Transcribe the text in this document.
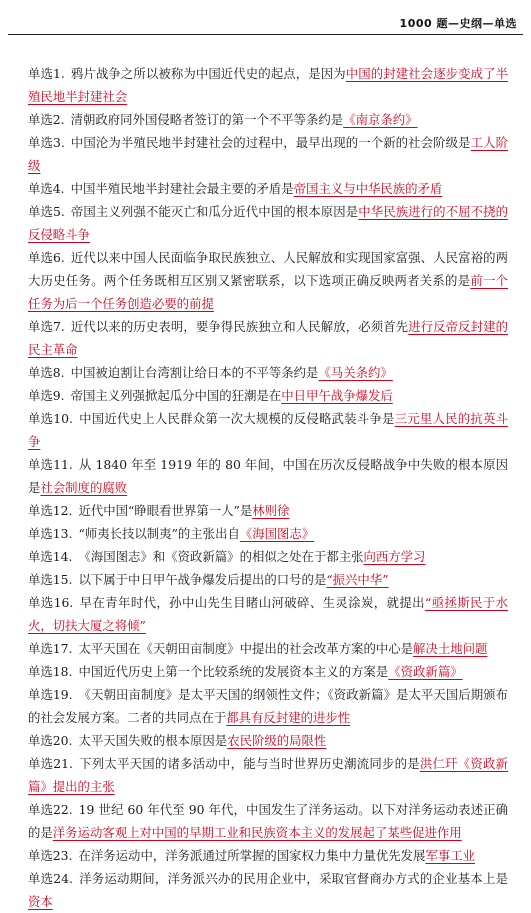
1000 题—史纲—单选

单选1. 鸦片战争之所以被称为中国近代史的起点，是因为中国的封建社会逐步变成了半殖民地半封建社会

单选2. 清朝政府同外国侵略者签订的第一个不平等条约是《南京条约》

单选3. 中国沦为半殖民地半封建社会的过程中，最早出现的一个新的社会阶级是工人阶级

单选4. 中国半殖民地半封建社会最主要的矛盾是帝国主义与中华民族的矛盾

单选5. 帝国主义列强不能灭亡和瓜分近代中国的根本原因是中华民族进行的不屈不挠的反侵略斗争

单选6. 近代以来中国人民面临争取民族独立、人民解放和实现国家富强、人民富裕的两大历史任务。两个任务既相互区别又紧密联系，以下选项正确反映两者关系的是前一个任务为后一个任务创造必要的前提

单选7. 近代以来的历史表明，要争得民族独立和人民解放，必须首先进行反帝反封建的民主革命

单选8. 中国被迫割让台湾割让给日本的不平等条约是《马关条约》

单选9. 帝国主义列强掀起瓜分中国的狂潮是在中日甲午战争爆发后

单选10. 中国近代史上人民群众第一次大规模的反侵略武装斗争是三元里人民的抗英斗争

单选11. 从 1840 年至 1919 年的 80 年间，中国在历次反侵略战争中失败的根本原因是社会制度的腐败

单选12. 近代中国“睁眼看世界第一人”是林则徐

单选13. “师夷长技以制夷”的主张出自《海国图志》

单选14. 《海国图志》和《资政新篇》的相似之处在于都主张向西方学习

单选15. 以下属于中日甲午战争爆发后提出的口号的是“振兴中华”

单选16. 早在青年时代，孙中山先生目睹山河破碎、生灵涂炭，就提出“亟拯斯民于水火，切扶大厦之将倾”

单选17. 太平天国在《天朝田亩制度》中提出的社会改革方案的中心是解决土地问题

单选18. 中国近代历史上第一个比较系统的发展资本主义的方案是《资政新篇》

单选19. 《天朝田亩制度》是太平天国的纲领性文件；《资政新篇》是太平天国后期颁布的社会发展方案。二者的共同点在于都具有反封建的进步性

单选20. 太平天国失败的根本原因是农民阶级的局限性

单选21. 下列太平天国的诸多活动中，能与当时世界历史潮流同步的是洪仁玕《资政新篇》提出的主张

单选22. 19 世纪 60 年代至 90 年代，中国发生了洋务运动。以下对洋务运动表述正确的是洋务运动客观上对中国的早期工业和民族资本主义的发展起了某些促进作用

单选23. 在洋务运动中，洋务派通过所掌握的国家权力集中力量优先发展军事工业

单选24. 洋务运动期间，洋务派兴办的民用企业中，采取官督商办方式的企业基本上是资本
